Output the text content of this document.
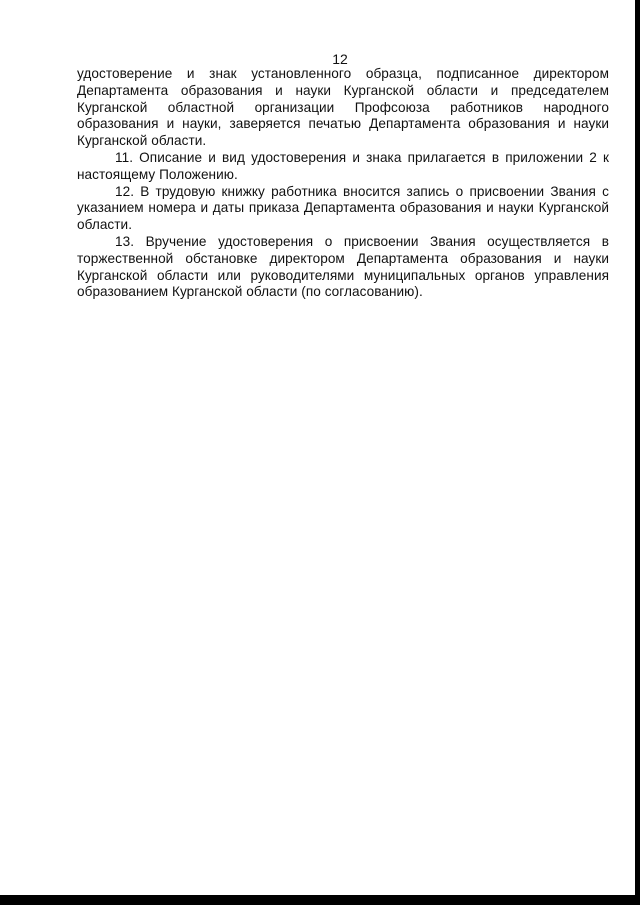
12

удостоверение и знак установленного образца, подписанное директором Департамента образования и науки Курганской области и председателем Курганской областной организации Профсоюза работников народного образования и науки, заверяется печатью Департамента образования и науки Курганской области.

11. Описание и вид удостоверения и знака прилагается в приложении 2 к настоящему Положению.

12. В трудовую книжку работника вносится запись о присвоении Звания с указанием номера и даты приказа Департамента образования и науки Курганской области.

13. Вручение удостоверения о присвоении Звания осуществляется в торжественной обстановке директором Департамента образования и науки Курганской области или руководителями муниципальных органов управления образованием Курганской области (по согласованию).
